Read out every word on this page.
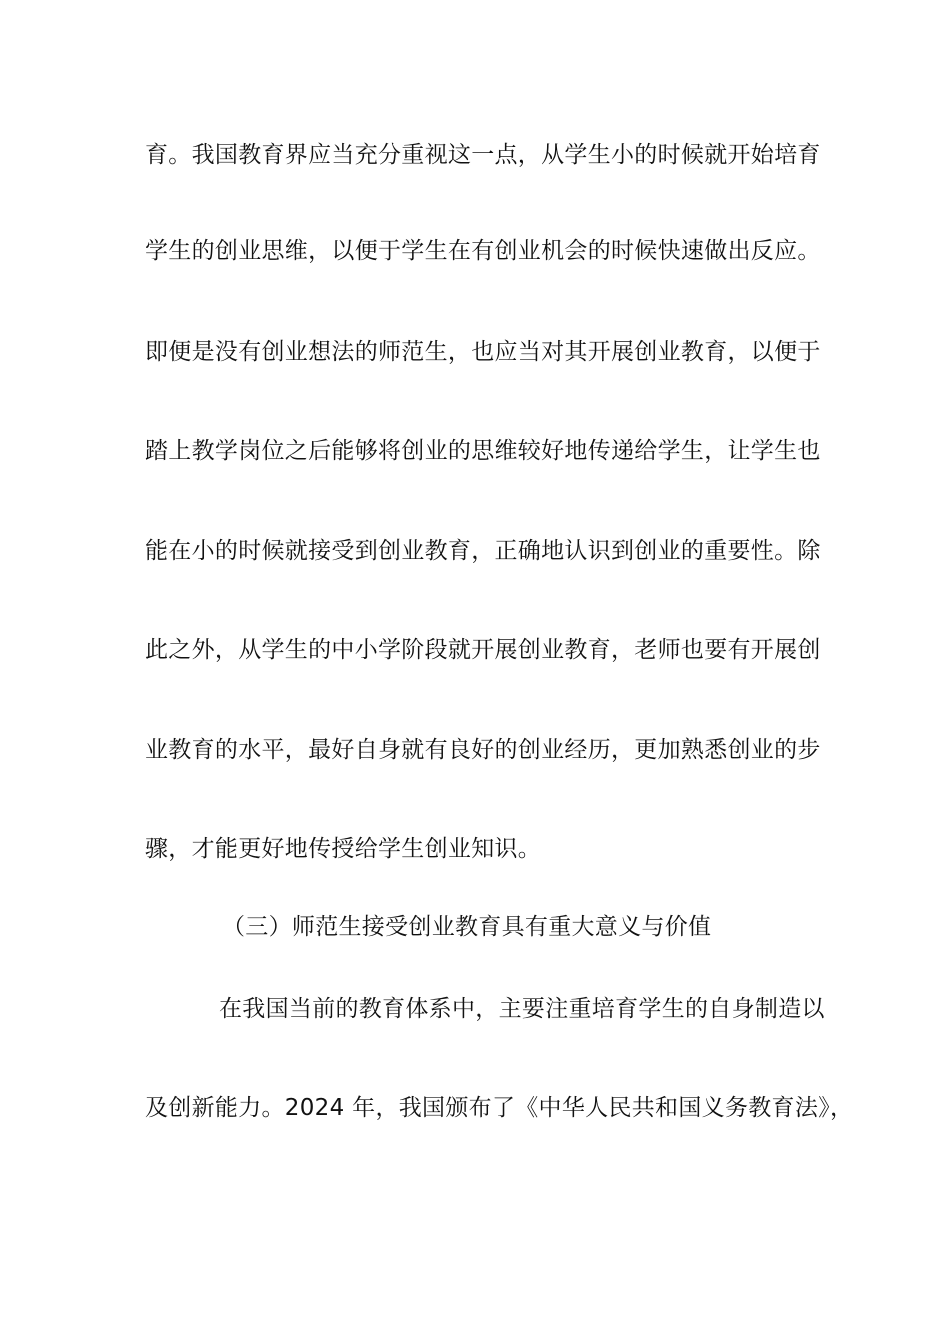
育。我国教育界应当充分重视这一点，从学生小的时候就开始培育
学生的创业思维，以便于学生在有创业机会的时候快速做出反应。
即便是没有创业想法的师范生，也应当对其开展创业教育，以便于
踏上教学岗位之后能够将创业的思维较好地传递给学生，让学生也
能在小的时候就接受到创业教育，正确地认识到创业的重要性。除
此之外，从学生的中小学阶段就开展创业教育，老师也要有开展创
业教育的水平，最好自身就有良好的创业经历，更加熟悉创业的步
骤，才能更好地传授给学生创业知识。
（三）师范生接受创业教育具有重大意义与价值
在我国当前的教育体系中，主要注重培育学生的自身制造以
及创新能力。2024 年，我国颁布了《中华人民共和国义务教育法》，
